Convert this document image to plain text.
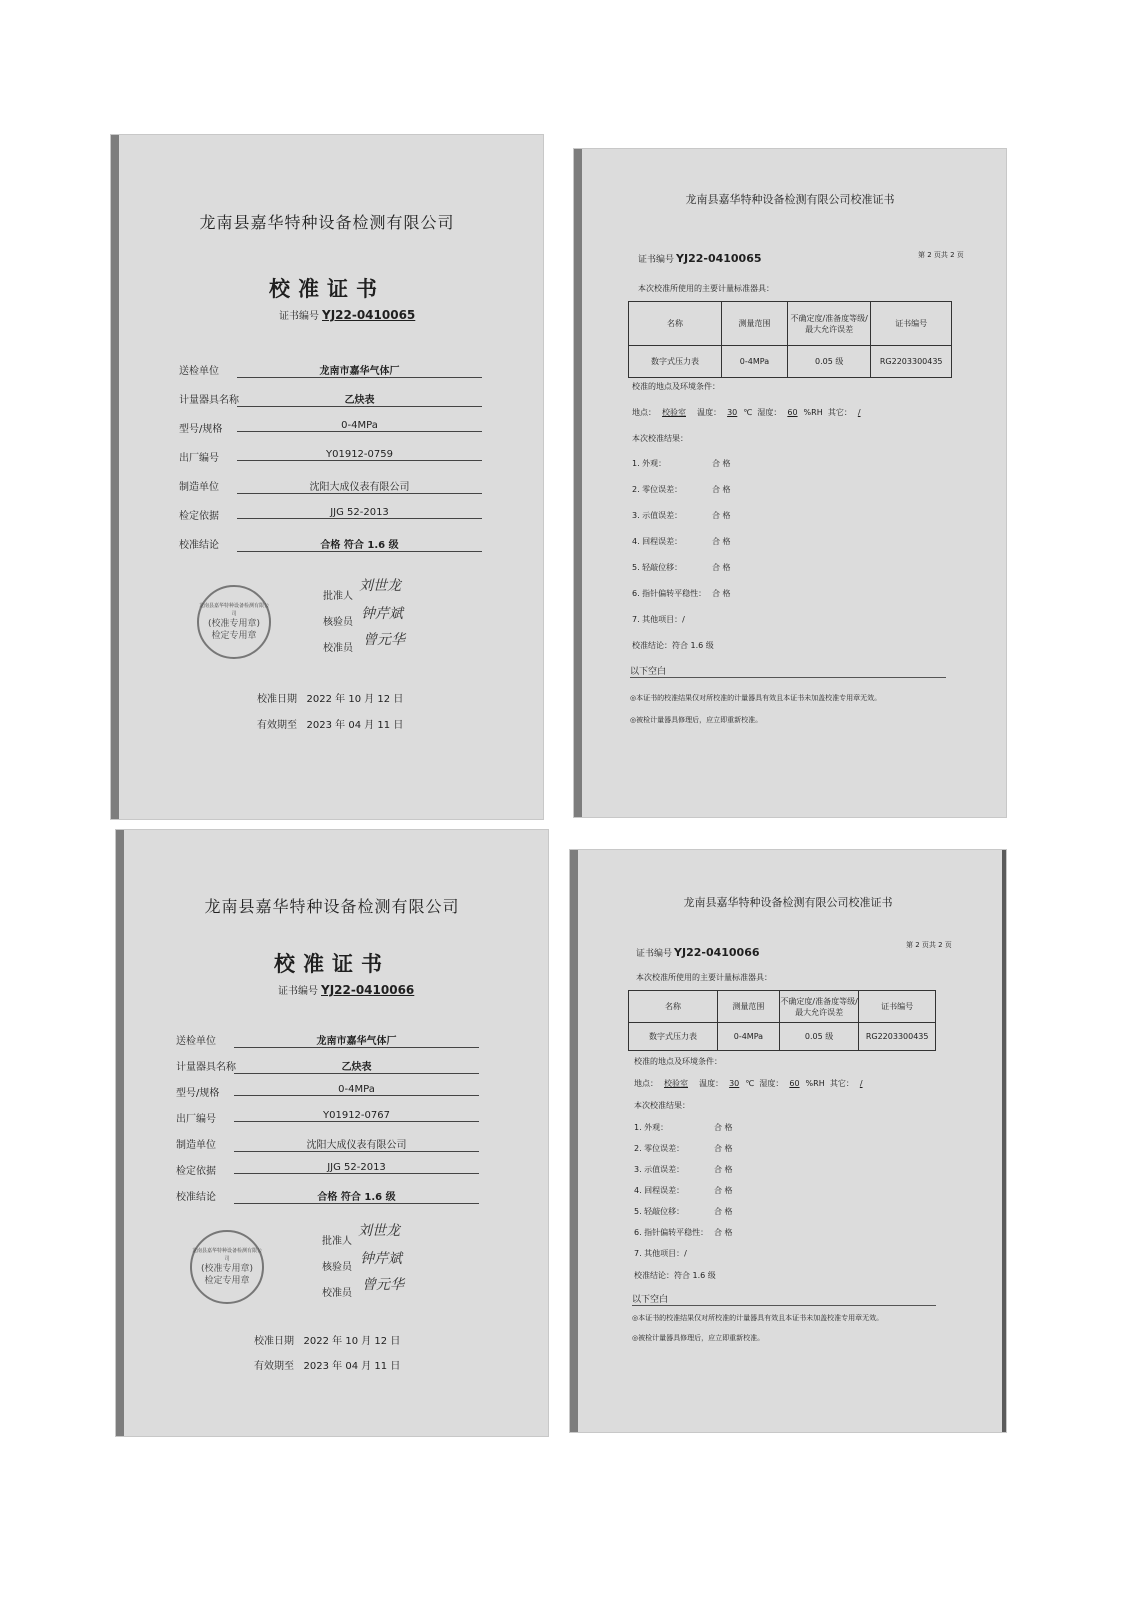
龙南县嘉华特种设备检测有限公司
校准证书
证书编号 YJ22-0410065
送检单位	龙南市嘉华气体厂
计量器具名称	乙炔表
型号/规格	0-4MPa
出厂编号	Y01912-0759
制造单位	沈阳大成仪表有限公司
检定依据	JJG 52-2013
校准结论	合格 符合 1.6 级
龙南县嘉华特种设备检测有限公司
(校准专用章)
检定专用章
批准人
刘世龙
核验员
钟芹斌
校准员
曾元华
校准日期 2022 年 10 月 12 日
有效期至 2023 年 04 月 11 日
龙南县嘉华特种设备检测有限公司校准证书
证书编号 YJ22-0410065	第 2 页共 2 页
本次校准所使用的主要计量标准器具：
名称	测量范围	不确定度/准备度等级/最大允许误差	证书编号
数字式压力表	0-4MPa	0.05 级	RG2203300435
校准的地点及环境条件：
地点： 校验室 温度： 30 ℃ 湿度： 60 %RH 其它： /
本次校准结果：
1. 外观：	合 格
2. 零位误差：	合 格
3. 示值误差：	合 格
4. 回程误差：	合 格
5. 轻敲位移：	合 格
6. 指针偏转平稳性： 合 格
7. 其他项目：/
校准结论：符合 1.6 级
以下空白
◎本证书的校准结果仅对所校准的计量器具有效且本证书未加盖校准专用章无效。
◎被检计量器具修理后，应立即重新校准。
龙南县嘉华特种设备检测有限公司
校准证书
证书编号 YJ22-0410066
送检单位	龙南市嘉华气体厂
计量器具名称	乙炔表
型号/规格	0-4MPa
出厂编号	Y01912-0767
制造单位	沈阳大成仪表有限公司
检定依据	JJG 52-2013
校准结论	合格 符合 1.6 级
龙南县嘉华特种设备检测有限公司
(校准专用章)
检定专用章
批准人
刘世龙
核验员
钟芹斌
校准员
曾元华
校准日期 2022 年 10 月 12 日
有效期至 2023 年 04 月 11 日
龙南县嘉华特种设备检测有限公司校准证书
证书编号 YJ22-0410066
第 2 页共 2 页
本次校准所使用的主要计量标准器具：
名称	测量范围	不确定度/准备度等级/最大允许误差	证书编号
数字式压力表	0-4MPa	0.05 级	RG2203300435
校准的地点及环境条件：
地点： 校验室 温度： 30 ℃ 湿度： 60 %RH 其它： /
本次校准结果：
1. 外观：	合 格
2. 零位误差：	合 格
3. 示值误差：	合 格
4. 回程误差：	合 格
5. 轻敲位移：	合 格
6. 指针偏转平稳性： 合 格
7. 其他项目：/
校准结论：符合 1.6 级
以下空白
◎本证书的校准结果仅对所校准的计量器具有效且本证书未加盖校准专用章无效。
◎被检计量器具修理后，应立即重新校准。
